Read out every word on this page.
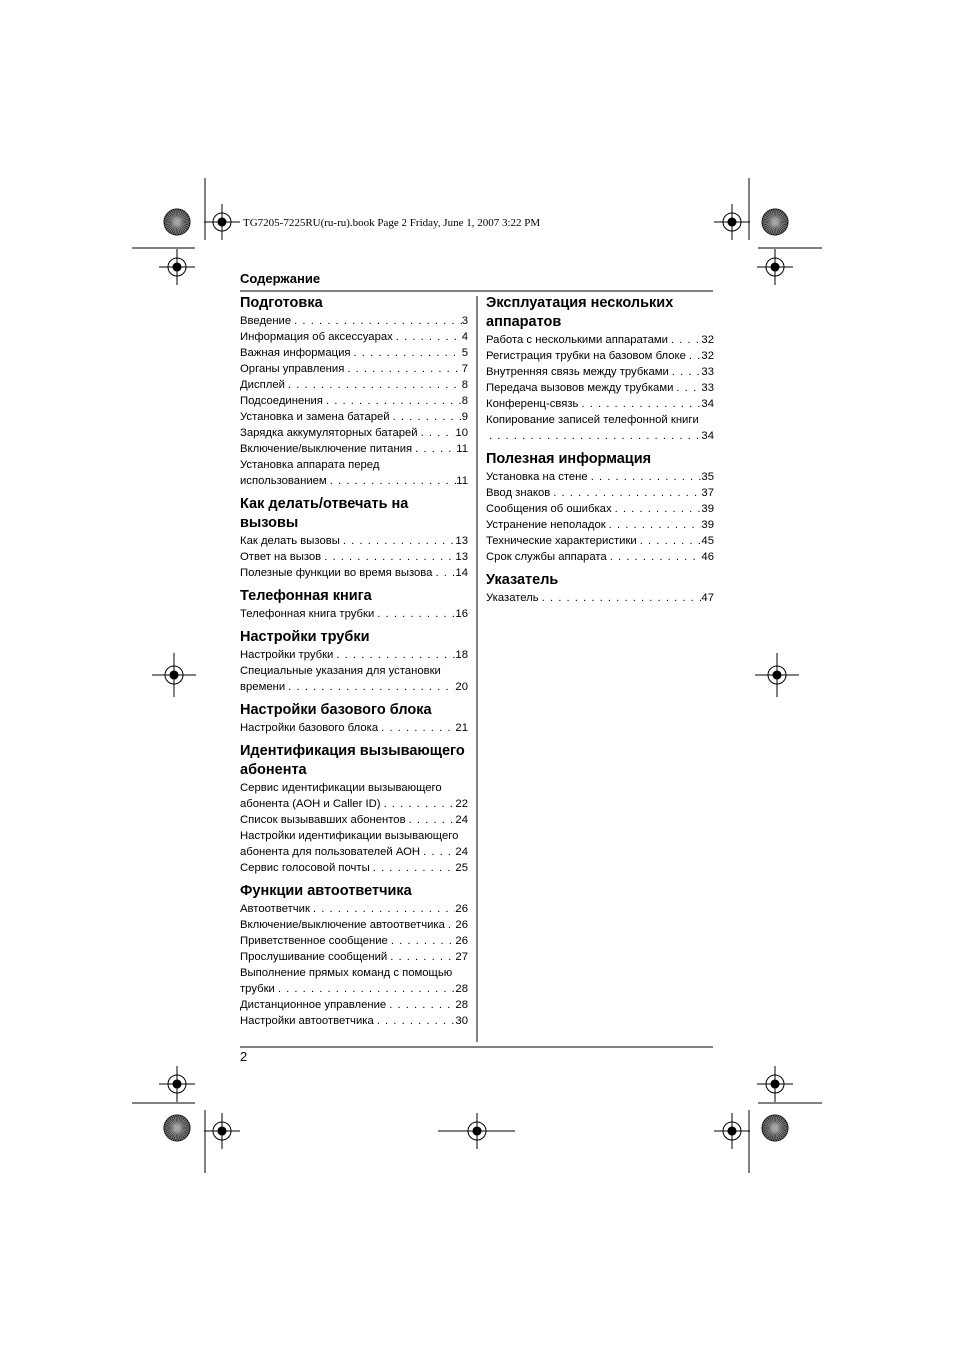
TG7205-7225RU(ru-ru).book Page 2 Friday, June 1, 2007 3:22 PM
Содержание
Подготовка
Введение . . .	3
Информация об аксессуарах . . .	4
Важная информация . . .	5
Органы управления . . .	7
Дисплей . . .	8
Подсоединения . . .	8
Установка и замена батарей . . .	9
Зарядка аккумуляторных батарей . . .	10
Включение/выключение питания . . .	11
Установка аппарата перед
использованием . . .	11
Как делать/отвечать на вызовы
Как делать вызовы . . .	13
Ответ на вызов . . .	13
Полезные функции во время вызова . . . 14
Телефонная книга
Телефонная книга трубки . . .	16
Настройки трубки
Настройки трубки . . .	18
Специальные указания для установки
времени . . .	20
Настройки базового блока
Настройки базового блока . . .	21
Идентификация вызывающего абонента
Сервис идентификации вызывающего
абонента (АОН и Caller ID) . . .	22
Список вызывавших абонентов . . .	24
Настройки идентификации вызывающего
абонента для пользователей АОН . . .	24
Сервис голосовой почты . . .	25
Функции автоответчика
Автоответчик . . .	26
Включение/выключение автоответчика . . . 26
Приветственное сообщение . . .	26
Прослушивание сообщений . . .	27
Выполнение прямых команд с помощью
трубки . . .	28
Дистанционное управление . . .	28
Настройки автоответчика . . .	30
Эксплуатация нескольких аппаратов
Работа с несколькими аппаратами . . .	32
Регистрация трубки на базовом блоке . . . 32
Внутренняя связь между трубками . . .	33
Передача вызовов между трубками . . . 33
Конференц-связь . . .	34
Копирование записей телефонной книги
. . .
34
Полезная информация
Установка на стене . . .	35
Ввод знаков . . .	37
Сообщения об ошибках . . .	39
Устранение неполадок . . .	39
Технические характеристики . . .	45
Срок службы аппарата . . .	46
Указатель
Указатель . . .	47
2
